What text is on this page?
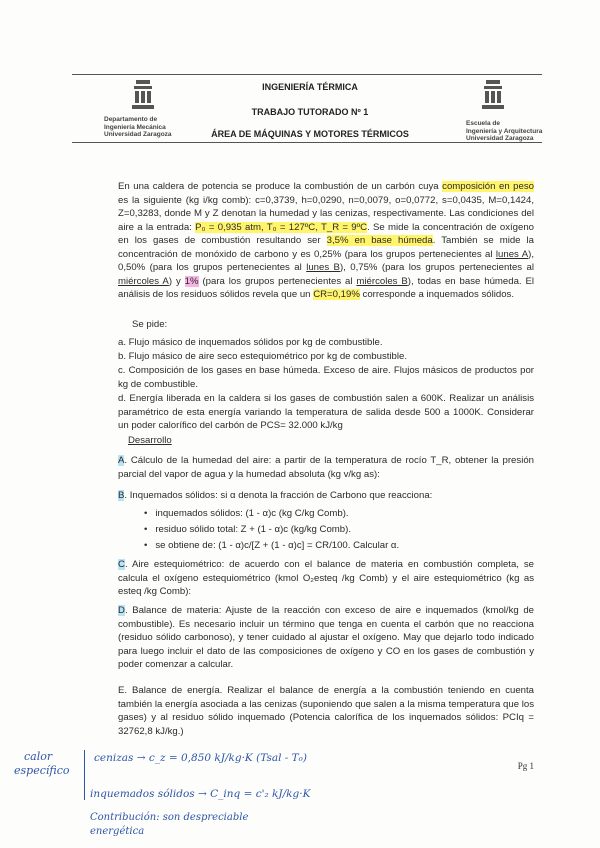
Departamento de
Ingeniería Mecánica
Universidad Zaragoza
Escuela de
Ingeniería y Arquitectura
Universidad Zaragoza
INGENIERÍA TÉRMICA
TRABAJO TUTORADO Nº 1
ÁREA DE MÁQUINAS Y MOTORES TÉRMICOS
En una caldera de potencia se produce la combustión de un carbón cuya composición en peso es la siguiente (kg i/kg comb): c=0,3739, h=0,0290, n=0,0079, o=0,0772, s=0,0435, M=0,1424, Z=0,3283, donde M y Z denotan la humedad y las cenizas, respectivamente. Las condiciones del aire a la entrada: P₀ = 0,935 atm, T₀ = 127ºC, T_R = 9ºC. Se mide la concentración de oxígeno en los gases de combustión resultando ser 3,5% en base húmeda. También se mide la concentración de monóxido de carbono y es 0,25% (para los grupos pertenecientes al lunes A), 0,50% (para los grupos pertenecientes al lunes B), 0,75% (para los grupos pertenecientes al miércoles A) y 1% (para los grupos pertenecientes al miércoles B), todas en base húmeda. El análisis de los residuos sólidos revela que un CR=0,19% corresponde a inquemados sólidos.
Se pide:
a. Flujo másico de inquemados sólidos por kg de combustible.
b. Flujo másico de aire seco estequiométrico por kg de combustible.
c. Composición de los gases en base húmeda. Exceso de aire. Flujos másicos de productos por kg de combustible.
d. Energía liberada en la caldera si los gases de combustión salen a 600K. Realizar un análisis paramétrico de esta energía variando la temperatura de salida desde 500 a 1000K. Considerar un poder calorífico del carbón de PCS= 32.000 kJ/kg
Desarrollo
A. Cálculo de la humedad del aire: a partir de la temperatura de rocío T_R, obtener la presión parcial del vapor de agua y la humedad absoluta (kg v/kg as):
B. Inquemados sólidos: si α denota la fracción de Carbono que reacciona:
•   inquemados sólidos: (1 - α)c (kg C/kg Comb).
•   residuo sólido total: Z + (1 - α)c (kg/kg Comb).
•   se obtiene de: (1 - α)c/[Z + (1 - α)c] = CR/100. Calcular α.
C. Aire estequiométrico: de acuerdo con el balance de materia en combustión completa, se calcula el oxígeno estequiométrico (kmol O₂esteq /kg Comb) y el aire estequiométrico (kg as esteq /kg Comb):
D. Balance de materia: Ajuste de la reacción con exceso de aire e inquemados (kmol/kg de combustible). Es necesario incluir un término que tenga en cuenta el carbón que no reacciona (residuo sólido carbonoso), y tener cuidado al ajustar el oxígeno. May que dejarlo todo indicado para luego incluir el dato de las composiciones de oxígeno y CO en los gases de combustión y poder comenzar a calcular.
E. Balance de energía. Realizar el balance de energía a la combustión teniendo en cuenta también la energía asociada a las cenizas (suponiendo que salen a la misma temperatura que los gases) y al residuo sólido inquemado (Potencia calorífica de los inquemados sólidos: PCIq = 32762,8 kJ/kg.)
Pg 1
calor
específico
cenizas → c_z = 0,850 kJ/kg·K (Tsal - T₀)
inquemados sólidos → C_inq = c'₂ kJ/kg·K
Contribución: son despreciable
energética
